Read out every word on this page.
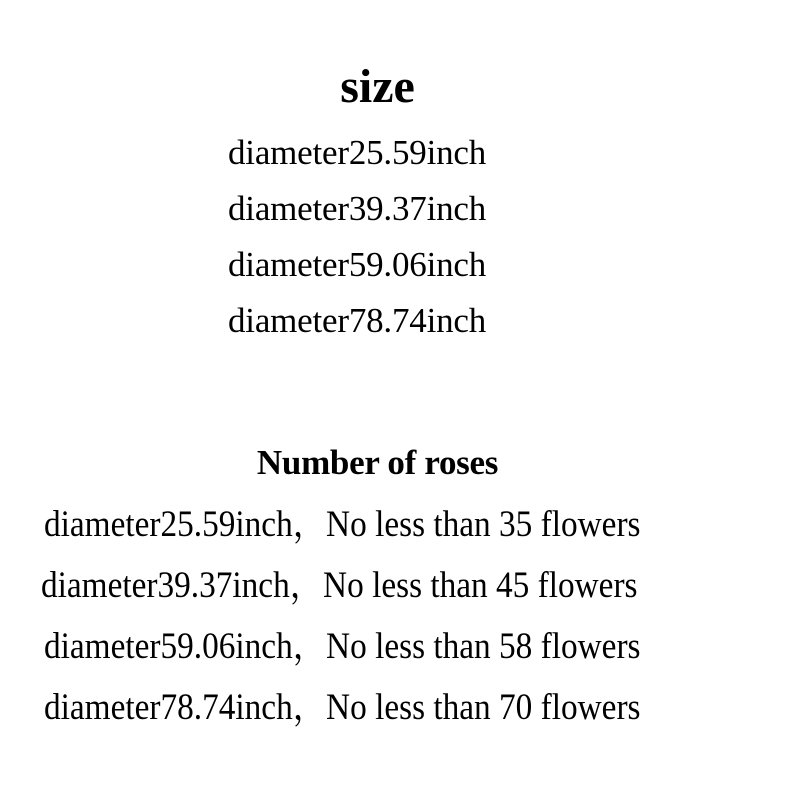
size
diameter25.59inch
diameter39.37inch
diameter59.06inch
diameter78.74inch
Number of roses
diameter25.59inch，No less than 35 flowers
diameter39.37inch，No less than 45 flowers
diameter59.06inch，No less than 58 flowers
diameter78.74inch，No less than 70 flowers
